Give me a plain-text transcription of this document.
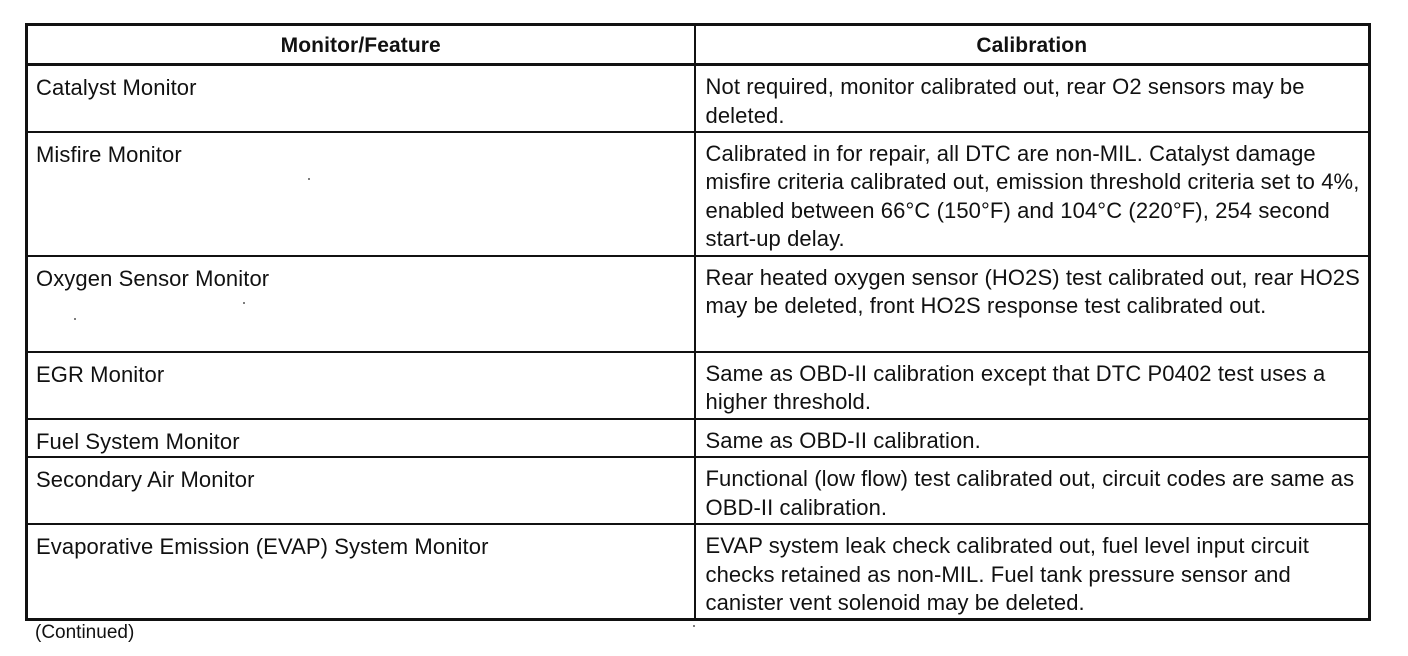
Monitor/Feature	Calibration
Catalyst Monitor	Not required, monitor calibrated out, rear O2 sensors may be deleted.
Misfire Monitor	Calibrated in for repair, all DTC are non-MIL. Catalyst damage misfire criteria calibrated out, emission threshold criteria set to 4%, enabled between 66°C (150°F) and 104°C (220°F), 254 second start-up delay.
Oxygen Sensor Monitor	Rear heated oxygen sensor (HO2S) test calibrated out, rear HO2S may be deleted, front HO2S response test calibrated out.
EGR Monitor	Same as OBD-II calibration except that DTC P0402 test uses a higher threshold.
Fuel System Monitor	Same as OBD-II calibration.
Secondary Air Monitor	Functional (low flow) test calibrated out, circuit codes are same as OBD-II calibration.
Evaporative Emission (EVAP) System Monitor	EVAP system leak check calibrated out, fuel level input circuit checks retained as non-MIL. Fuel tank pressure sensor and canister vent solenoid may be deleted.
(Continued)
